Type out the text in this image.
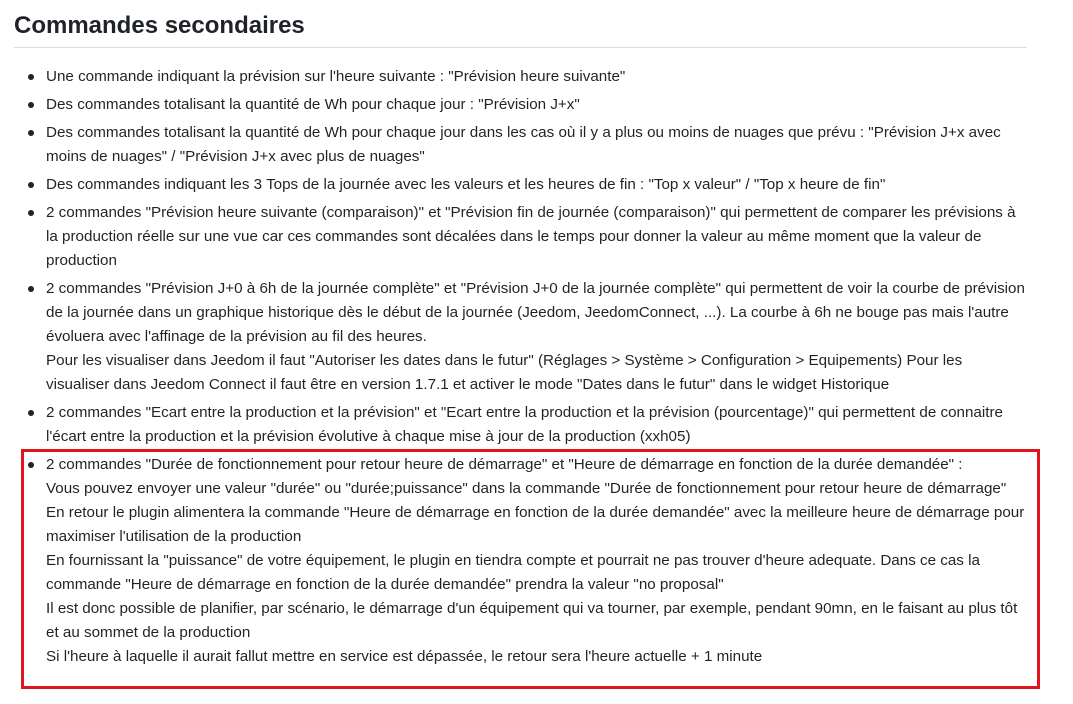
Commandes secondaires
Une commande indiquant la prévision sur l'heure suivante : "Prévision heure suivante"
Des commandes totalisant la quantité de Wh pour chaque jour : "Prévision J+x"
Des commandes totalisant la quantité de Wh pour chaque jour dans les cas où il y a plus ou moins de nuages que prévu : "Prévision J+x avec moins de nuages" / "Prévision J+x avec plus de nuages"
Des commandes indiquant les 3 Tops de la journée avec les valeurs et les heures de fin : "Top x valeur" / "Top x heure de fin"
2 commandes "Prévision heure suivante (comparaison)" et "Prévision fin de journée (comparaison)" qui permettent de comparer les prévisions à la production réelle sur une vue car ces commandes sont décalées dans le temps pour donner la valeur au même moment que la valeur de production
2 commandes "Prévision J+0 à 6h de la journée complète" et "Prévision J+0 de la journée complète" qui permettent de voir la courbe de prévision de la journée dans un graphique historique dès le début de la journée (Jeedom, JeedomConnect, ...). La courbe à 6h ne bouge pas mais l'autre évoluera avec l'affinage de la prévision au fil des heures.
Pour les visualiser dans Jeedom il faut "Autoriser les dates dans le futur" (Réglages > Système > Configuration > Equipements) Pour les visualiser dans Jeedom Connect il faut être en version 1.7.1 et activer le mode "Dates dans le futur" dans le widget Historique
2 commandes "Ecart entre la production et la prévision" et "Ecart entre la production et la prévision (pourcentage)" qui permettent de connaitre l'écart entre la production et la prévision évolutive à chaque mise à jour de la production (xxh05)
2 commandes "Durée de fonctionnement pour retour heure de démarrage" et "Heure de démarrage en fonction de la durée demandée" :
Vous pouvez envoyer une valeur "durée" ou "durée;puissance" dans la commande "Durée de fonctionnement pour retour heure de démarrage"
En retour le plugin alimentera la commande "Heure de démarrage en fonction de la durée demandée" avec la meilleure heure de démarrage pour maximiser l'utilisation de la production
En fournissant la "puissance" de votre équipement, le plugin en tiendra compte et pourrait ne pas trouver d'heure adequate. Dans ce cas la commande "Heure de démarrage en fonction de la durée demandée" prendra la valeur "no proposal"
Il est donc possible de planifier, par scénario, le démarrage d'un équipement qui va tourner, par exemple, pendant 90mn, en le faisant au plus tôt et au sommet de la production
Si l'heure à laquelle il aurait fallut mettre en service est dépassée, le retour sera l'heure actuelle + 1 minute
